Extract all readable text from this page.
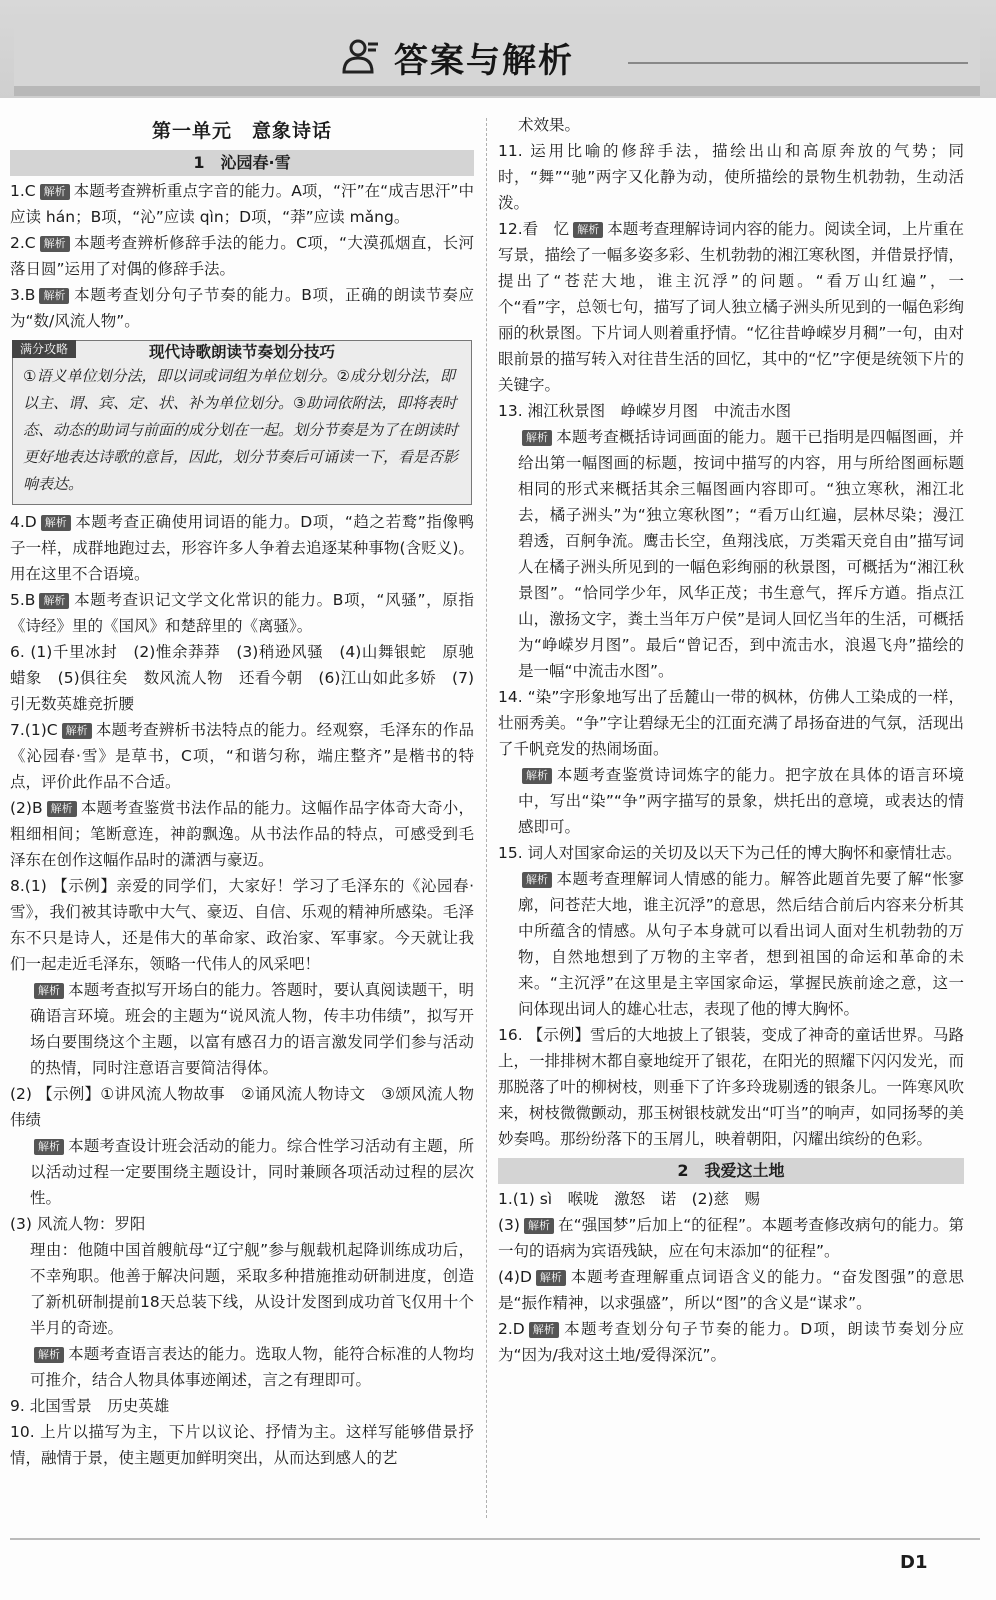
答案与解析
第一单元　意象诗话
1　沁园春·雪

1.C 解析 本题考查辨析重点字音的能力。A项，“汗”在“成吉思汗”中应读 hán；B项，“沁”应读 qìn；D项，“莽”应读 mǎng。

2.C 解析 本题考查辨析修辞手法的能力。C项，“大漠孤烟直，长河落日圆”运用了对偶的修辞手法。

3.B 解析 本题考查划分句子节奏的能力。B项，正确的朗读节奏应为“数/风流人物”。

满分攻略	现代诗歌朗读节奏划分技巧
①语义单位划分法，即以词或词组为单位划分。②成分划分法，即以主、谓、宾、定、状、补为单位划分。③助词依附法，即将表时态、动态的助词与前面的成分划在一起。划分节奏是为了在朗读时更好地表达诗歌的意旨，因此，划分节奏后可诵读一下，看是否影响表达。

4.D 解析 本题考查正确使用词语的能力。D项，“趋之若鹜”指像鸭子一样，成群地跑过去，形容许多人争着去追逐某种事物(含贬义)。用在这里不合语境。

5.B 解析 本题考查识记文学文化常识的能力。B项，“风骚”，原指《诗经》里的《国风》和楚辞里的《离骚》。

6. (1)千里冰封　(2)惟余莽莽　(3)稍逊风骚　(4)山舞银蛇　原驰蜡象　(5)俱往矣　数风流人物　还看今朝　(6)江山如此多娇　(7)引无数英雄竞折腰

7.(1)C 解析 本题考查辨析书法特点的能力。经观察，毛泽东的作品《沁园春·雪》是草书，C项，“和谐匀称，端庄整齐”是楷书的特点，评价此作品不合适。

(2)B 解析 本题考查鉴赏书法作品的能力。这幅作品字体奇大奇小，粗细相间；笔断意连，神韵飘逸。从书法作品的特点，可感受到毛泽东在创作这幅作品时的潇洒与豪迈。

8.(1) 【示例】亲爱的同学们，大家好！学习了毛泽东的《沁园春·雪》，我们被其诗歌中大气、豪迈、自信、乐观的精神所感染。毛泽东不只是诗人，还是伟大的革命家、政治家、军事家。今天就让我们一起走近毛泽东，领略一代伟人的风采吧！

解析 本题考查拟写开场白的能力。答题时，要认真阅读题干，明确语言环境。班会的主题为“说风流人物，传丰功伟绩”，拟写开场白要围绕这个主题，以富有感召力的语言激发同学们参与活动的热情，同时注意语言要简洁得体。

(2) 【示例】①讲风流人物故事　②诵风流人物诗文　③颂风流人物伟绩

解析 本题考查设计班会活动的能力。综合性学习活动有主题，所以活动过程一定要围绕主题设计，同时兼顾各项活动过程的层次性。

(3) 风流人物：罗阳

理由：他随中国首艘航母“辽宁舰”参与舰载机起降训练成功后，不幸殉职。他善于解决问题，采取多种措施推动研制进度，创造了新机研制提前18天总装下线，从设计发图到成功首飞仅用十个半月的奇迹。

解析 本题考查语言表达的能力。选取人物，能符合标准的人物均可推介，结合人物具体事迹阐述，言之有理即可。

9. 北国雪景　历史英雄

10. 上片以描写为主，下片以议论、抒情为主。这样写能够借景抒情，融情于景，使主题更加鲜明突出，从而达到感人的艺

术效果。

11. 运用比喻的修辞手法，描绘出山和高原奔放的气势；同时，“舞”“驰”两字又化静为动，使所描绘的景物生机勃勃，生动活泼。

12.看　忆 解析 本题考查理解诗词内容的能力。阅读全词，上片重在写景，描绘了一幅多姿多彩、生机勃勃的湘江寒秋图，并借景抒情，提出了“苍茫大地，谁主沉浮”的问题。“看万山红遍”，一个“看”字，总领七句，描写了词人独立橘子洲头所见到的一幅色彩绚丽的秋景图。下片词人则着重抒情。“忆往昔峥嵘岁月稠”一句，由对眼前景的描写转入对往昔生活的回忆，其中的“忆”字便是统领下片的关键字。

13. 湘江秋景图　峥嵘岁月图　中流击水图

解析 本题考查概括诗词画面的能力。题干已指明是四幅图画，并给出第一幅图画的标题，按词中描写的内容，用与所给图画标题相同的形式来概括其余三幅图画内容即可。“独立寒秋，湘江北去，橘子洲头”为“独立寒秋图”；“看万山红遍，层林尽染；漫江碧透，百舸争流。鹰击长空，鱼翔浅底，万类霜天竞自由”描写词人在橘子洲头所见到的一幅色彩绚丽的秋景图，可概括为“湘江秋景图”。“恰同学少年，风华正茂；书生意气，挥斥方遒。指点江山，激扬文字，粪土当年万户侯”是词人回忆当年的生活，可概括为“峥嵘岁月图”。最后“曾记否，到中流击水，浪遏飞舟”描绘的是一幅“中流击水图”。

14. “染”字形象地写出了岳麓山一带的枫林，仿佛人工染成的一样，壮丽秀美。“争”字让碧绿无尘的江面充满了昂扬奋进的气氛，活现出了千帆竞发的热闹场面。

解析 本题考查鉴赏诗词炼字的能力。把字放在具体的语言环境中，写出“染”“争”两字描写的景象，烘托出的意境，或表达的情感即可。

15. 词人对国家命运的关切及以天下为己任的博大胸怀和豪情壮志。

解析 本题考查理解词人情感的能力。解答此题首先要了解“怅寥廓，问苍茫大地，谁主沉浮”的意思，然后结合前后内容来分析其中所蕴含的情感。从句子本身就可以看出词人面对生机勃勃的万物，自然地想到了万物的主宰者，想到祖国的命运和革命的未来。“主沉浮”在这里是主宰国家命运，掌握民族前途之意，这一问体现出词人的雄心壮志，表现了他的博大胸怀。

16. 【示例】雪后的大地披上了银装，变成了神奇的童话世界。马路上，一排排树木都自豪地绽开了银花，在阳光的照耀下闪闪发光，而那脱落了叶的柳树枝，则垂下了许多玲珑剔透的银条儿。一阵寒风吹来，树枝微微颤动，那玉树银枝就发出“叮当”的响声，如同扬琴的美妙奏鸣。那纷纷落下的玉屑儿，映着朝阳，闪耀出缤纷的色彩。

2　我爱这土地

1.(1) sì　喉咙　激怒　诺　(2)慈　赐

(3) 解析 在“强国梦”后加上“的征程”。本题考查修改病句的能力。第一句的语病为宾语残缺，应在句末添加“的征程”。

(4)D 解析 本题考查理解重点词语含义的能力。“奋发图强”的意思是“振作精神，以求强盛”，所以“图”的含义是“谋求”。

2.D 解析 本题考查划分句子节奏的能力。D项，朗读节奏划分应为“因为/我对这土地/爱得深沉”。

D1
